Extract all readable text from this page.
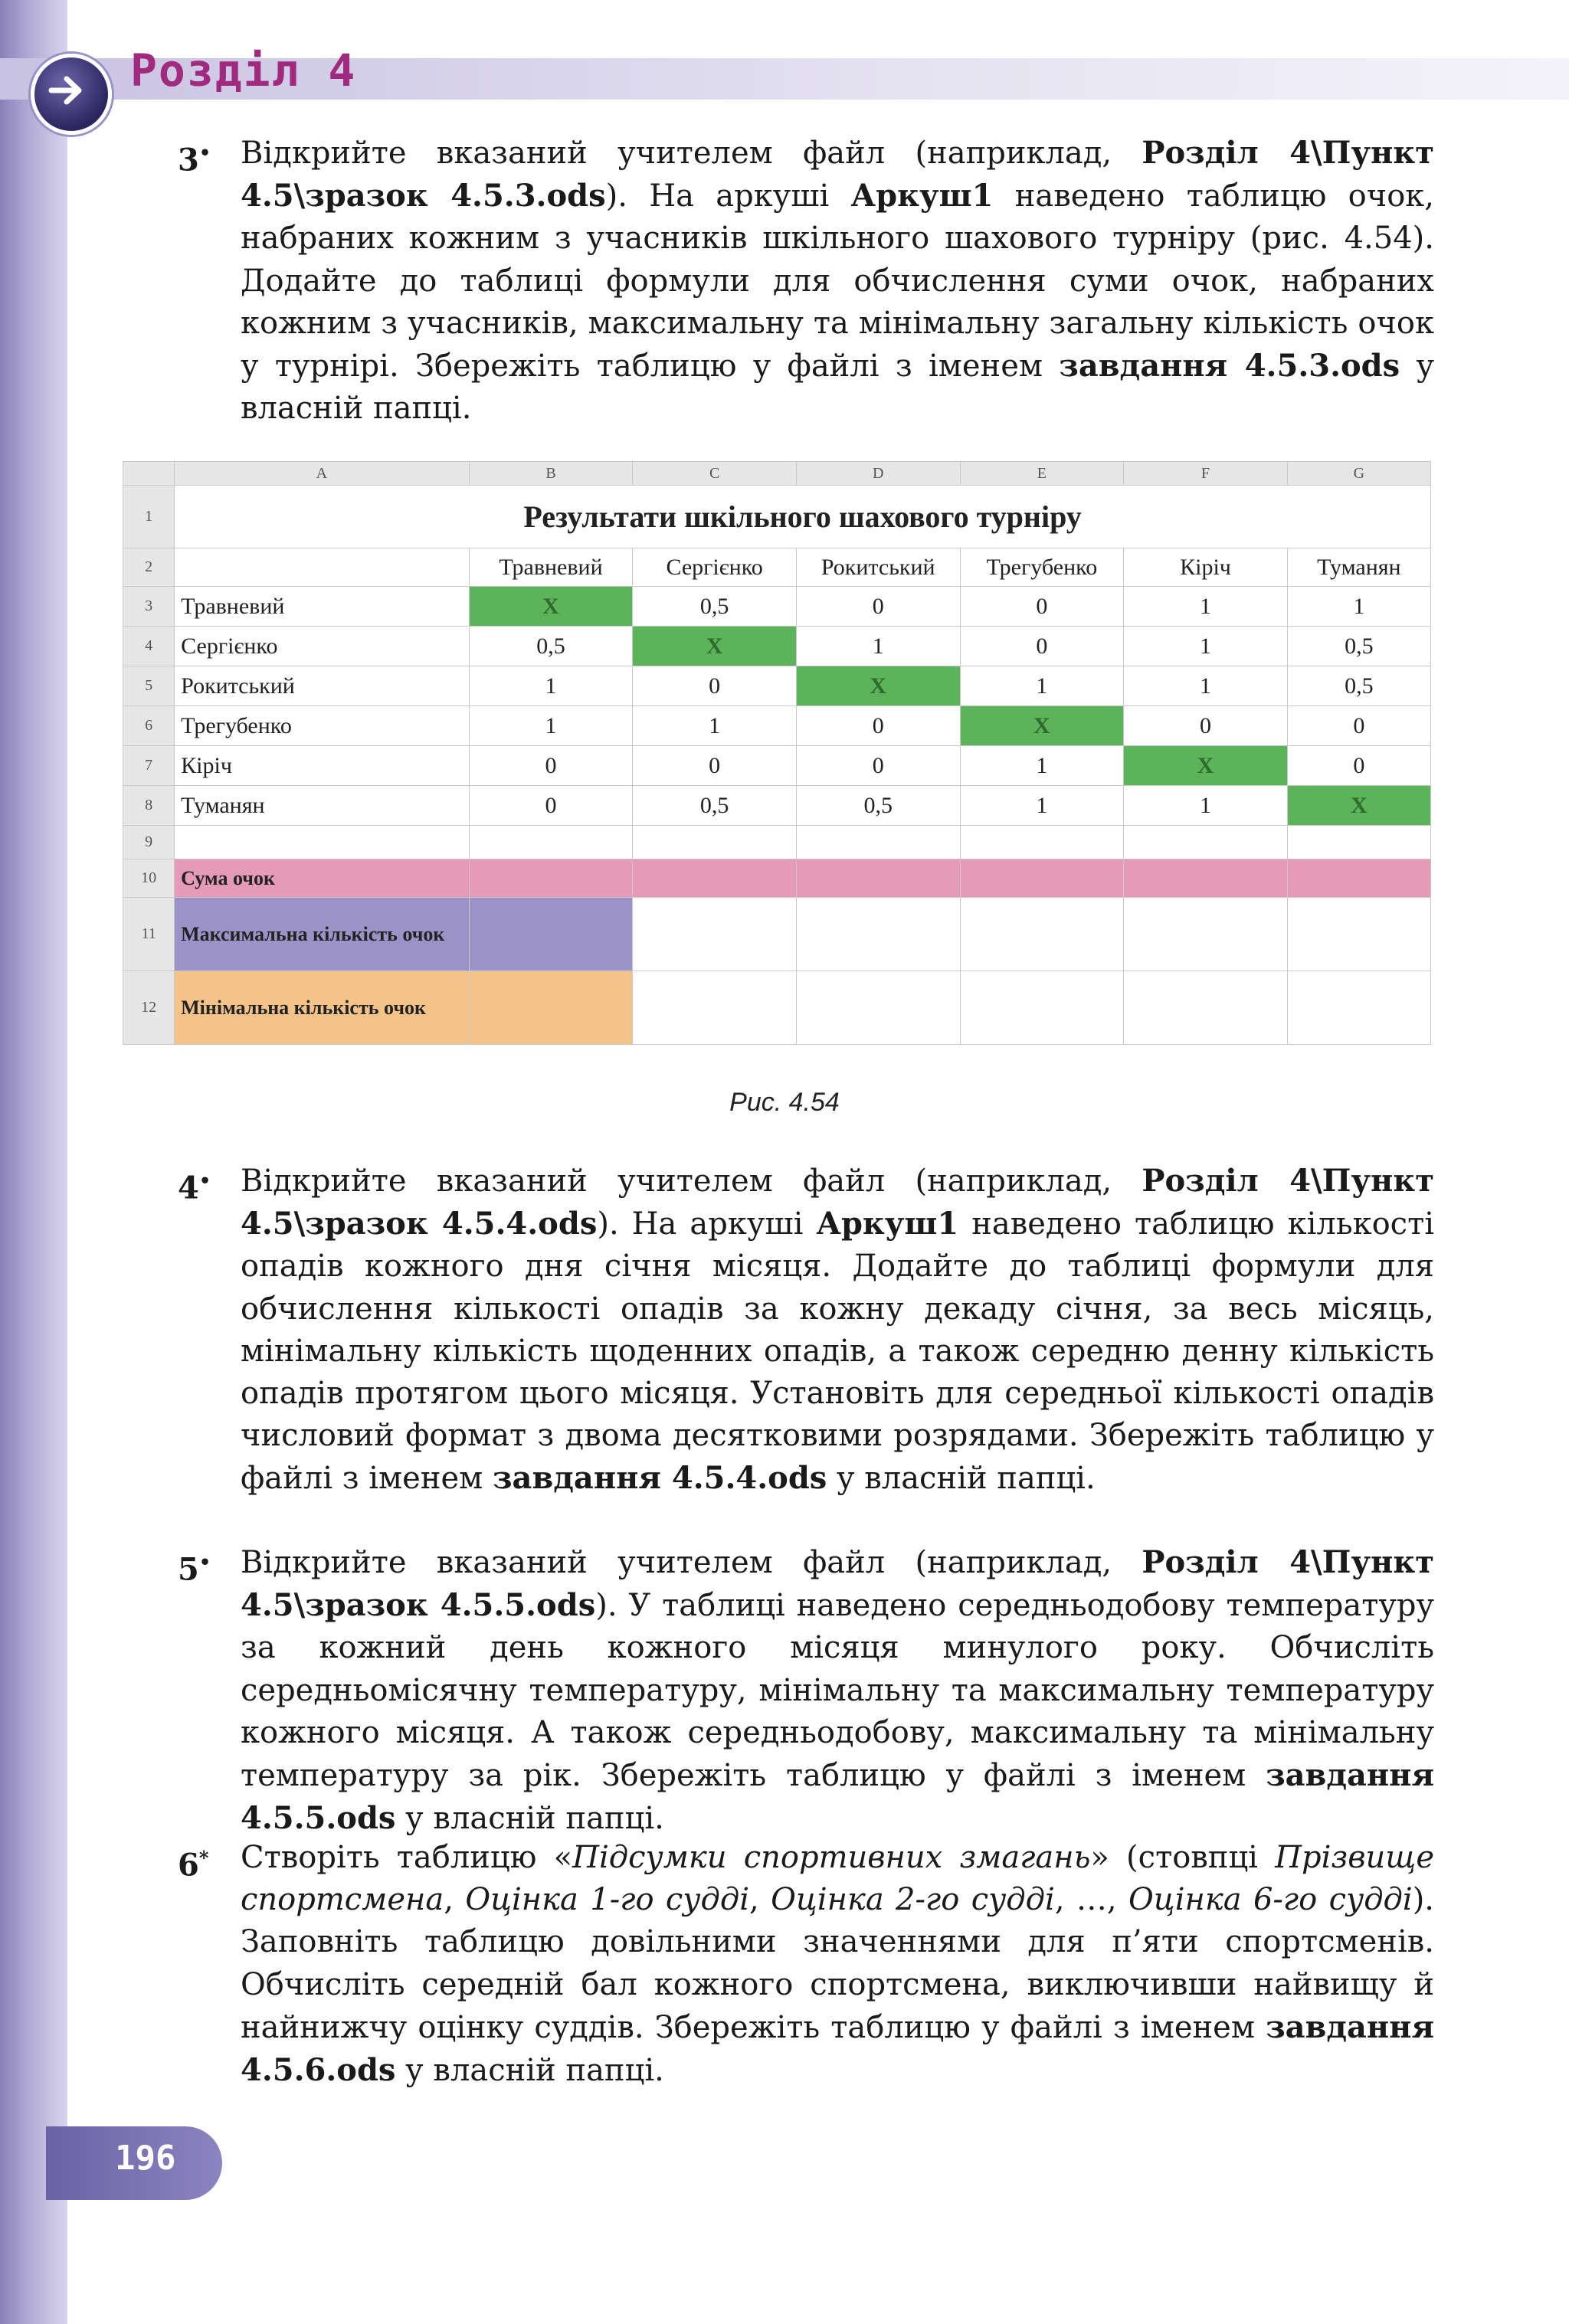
Розділ 4
3• Відкрийте вказаний учителем файл (наприклад, Розділ 4\Пункт 4.5\зразок 4.5.3.ods). На аркуші Аркуш1 наведено таблицю очок, набраних кожним з учасників шкільного шахового турніру (рис. 4.54). Додайте до таблиці формули для обчислення суми очок, набраних кожним з учасників, максимальну та мінімальну загальну кількість очок у турнірі. Збережіть таблицю у файлі з іменем завдання 4.5.3.ods у власній папці.
	A	B	C	D	E	F	G
1	Результати шкільного шахового турніру						
2		Травневий	Сергієнко	Рокитський	Трегубенко	Кіріч	Туманян
3	Травневий	X	0,5	0	0	1	1
4	Сергієнко	0,5	X	1	0	1	0,5
5	Рокитський	1	0	X	1	1	0,5
6	Трегубенко	1	1	0	X	0	0
7	Кіріч	0	0	0	1	X	0
8	Туманян	0	0,5	0,5	1	1	X
9							
10	Сума очок						
11	Максимальна кількість очок						
12	Мінімальна кількість очок						
Рис. 4.54
4• Відкрийте вказаний учителем файл (наприклад, Розділ 4\Пункт 4.5\зразок 4.5.4.ods). На аркуші Аркуш1 наведено таблицю кількості опадів кожного дня січня місяця. Додайте до таблиці формули для обчислення кількості опадів за кожну декаду січня, за весь місяць, мінімальну кількість щоденних опадів, а також середню денну кількість опадів протягом цього місяця. Установіть для середньої кількості опадів числовий формат з двома десятковими розрядами. Збережіть таблицю у файлі з іменем завдання 4.5.4.ods у власній папці.
5• Відкрийте вказаний учителем файл (наприклад, Розділ 4\Пункт 4.5\зразок 4.5.5.ods). У таблиці наведено середньодобову температуру за кожний день кожного місяця минулого року. Обчисліть середньомісячну температуру, мінімальну та максимальну температуру кожного місяця. А також середньодобову, максимальну та мінімальну температуру за рік. Збережіть таблицю у файлі з іменем завдання 4.5.5.ods у власній папці.
6* Створіть таблицю «Підсумки спортивних змагань» (стовпці Прізвище спортсмена, Оцінка 1-го судді, Оцінка 2-го судді, …, Оцінка 6-го судді). Заповніть таблицю довільними значеннями для п’яти спортсменів. Обчисліть середній бал кожного спортсмена, виключивши найвищу й найнижчу оцінку суддів. Збережіть таблицю у файлі з іменем завдання 4.5.6.ods у власній папці.
196
